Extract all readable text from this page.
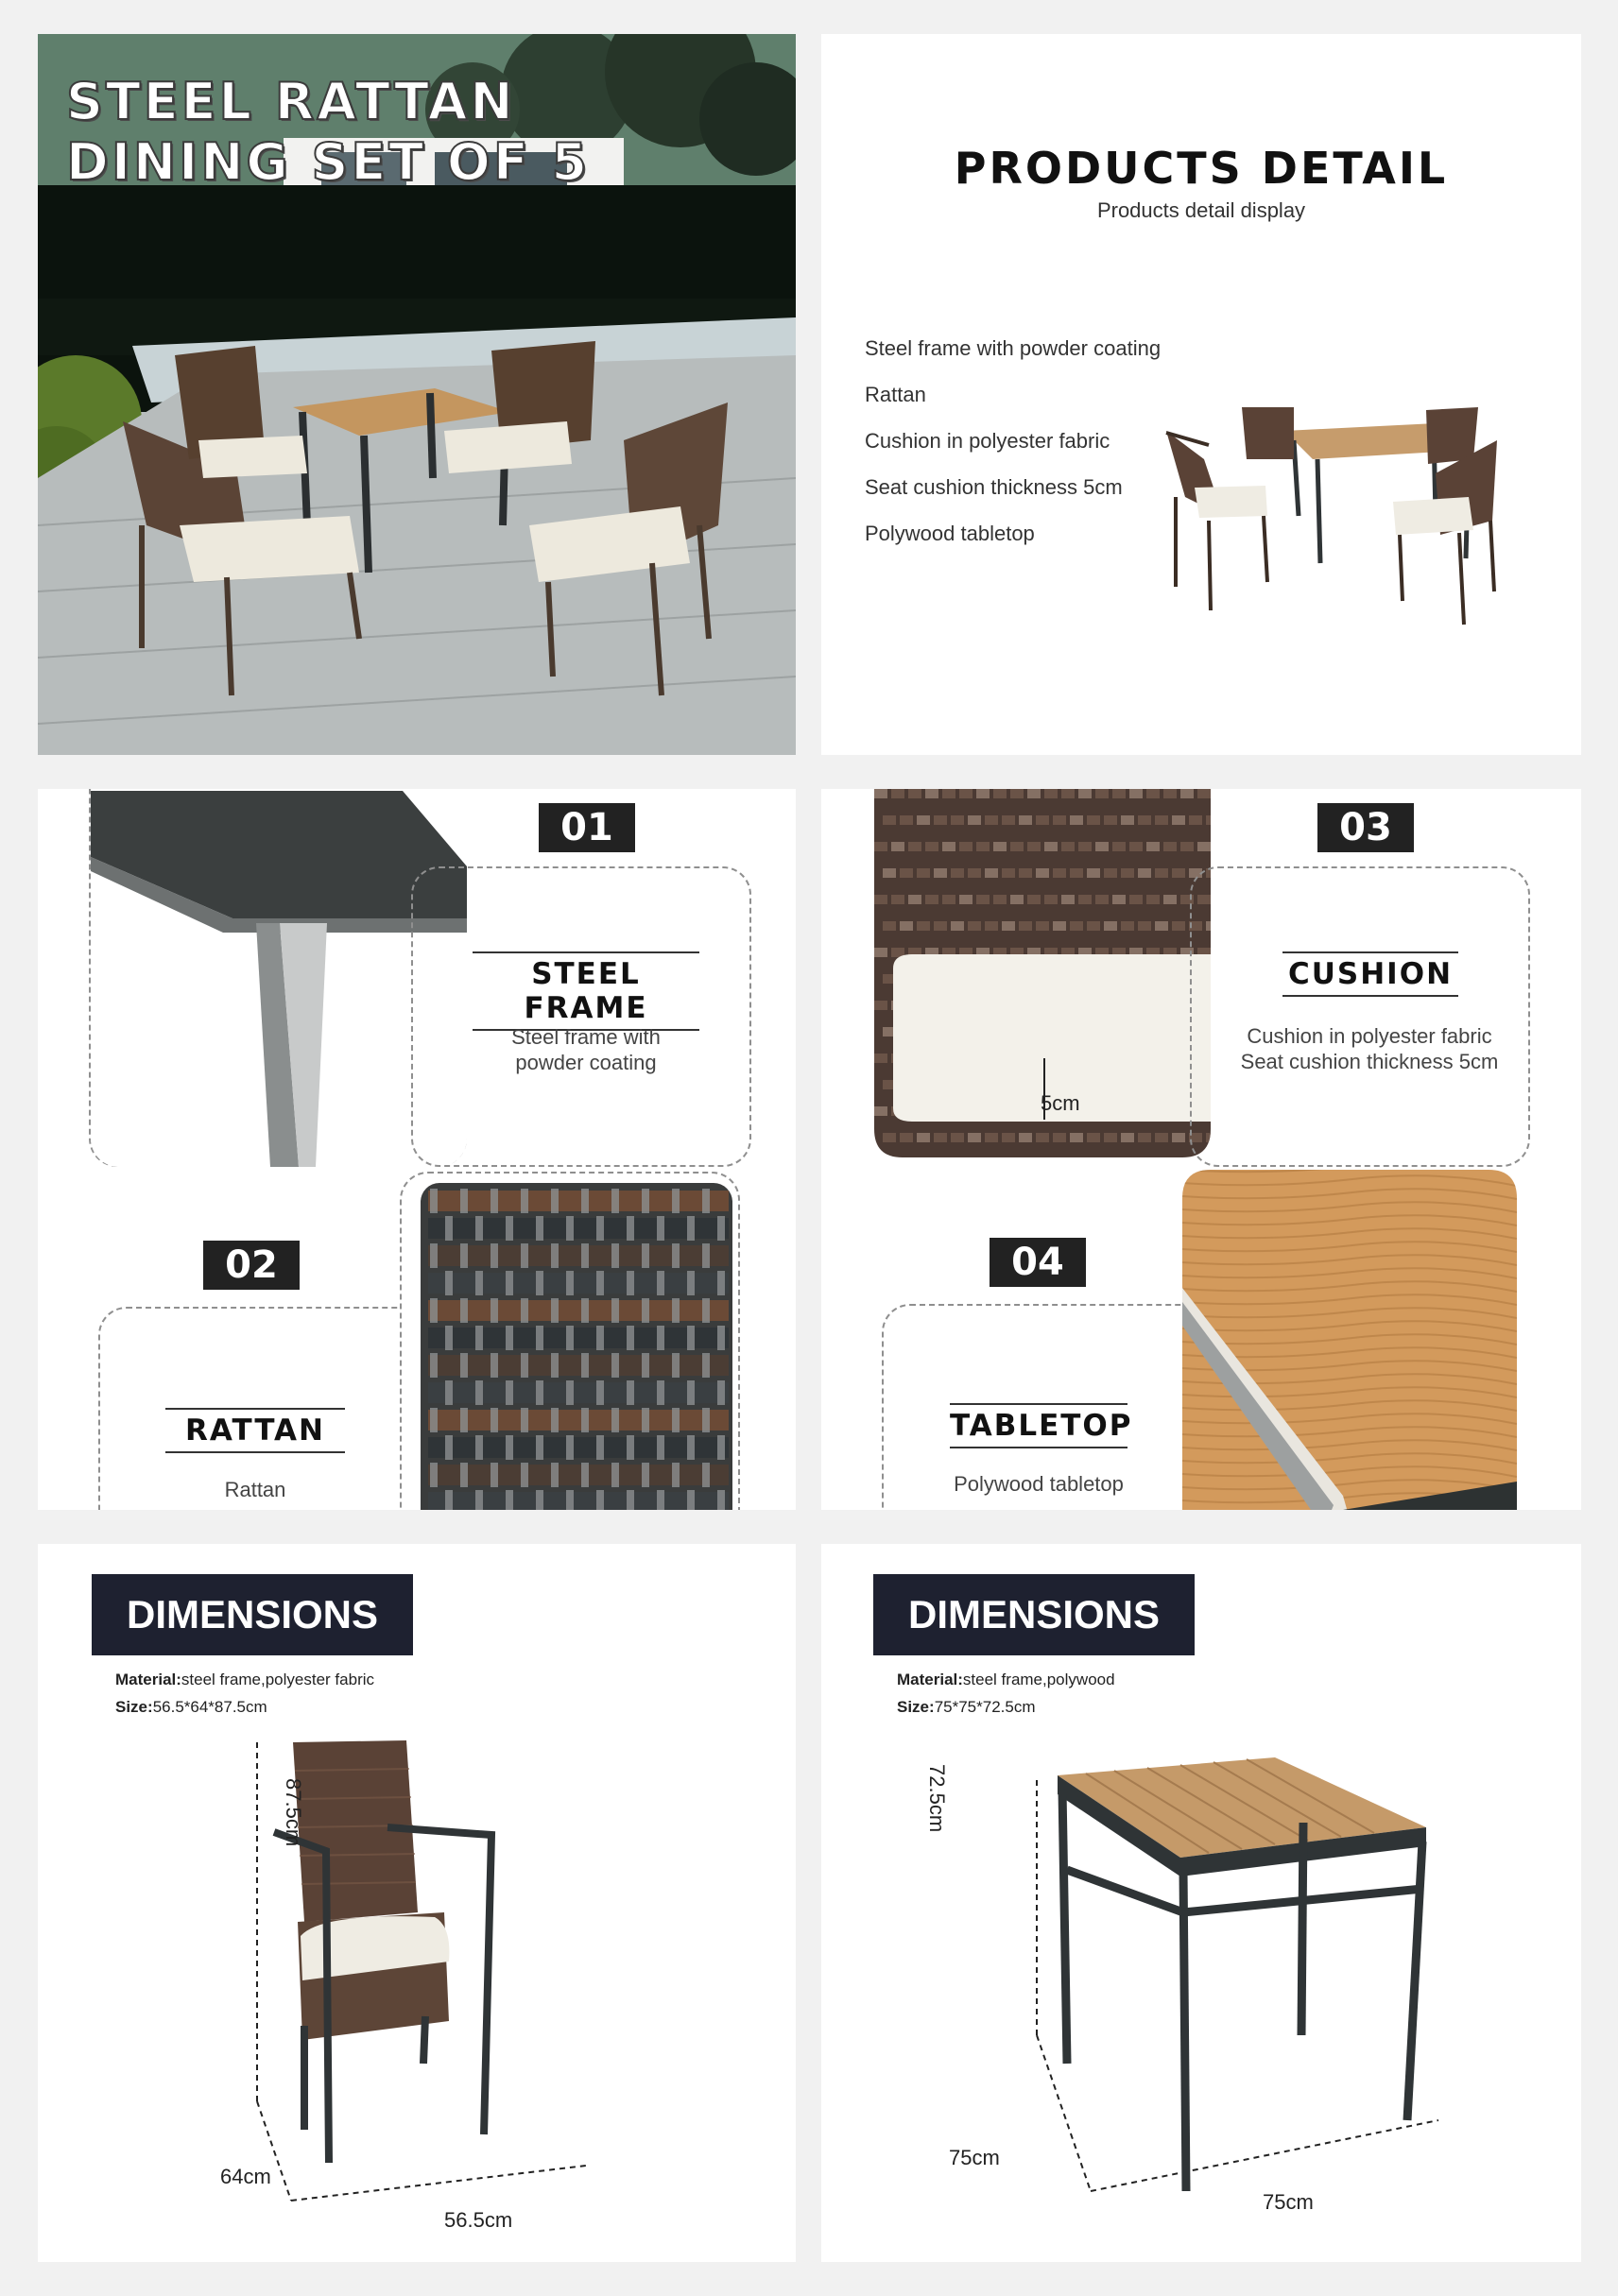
STEEL RATTAN
DINING SET OF 5	PRODUCTS DETAIL
Products detail display
Steel frame with powder coating
Rattan
Cushion in polyester fabric
Seat cushion thickness 5cm
Polywood tabletop
01
STEEL FRAME
Steel frame with
powder coating
02
RATTAN
Rattan
5cm
03
CUSHION
Cushion in polyester fabric
Seat cushion thickness 5cm
04
TABLETOP
Polywood tabletop
DIMENSIONS
Material:steel frame,polyester fabric
Size:56.5*64*87.5cm
87.5cm
64cm
56.5cm
DIMENSIONS
Material:steel frame,polywood
Size:75*75*72.5cm
75cm
75cm
72.5cm
